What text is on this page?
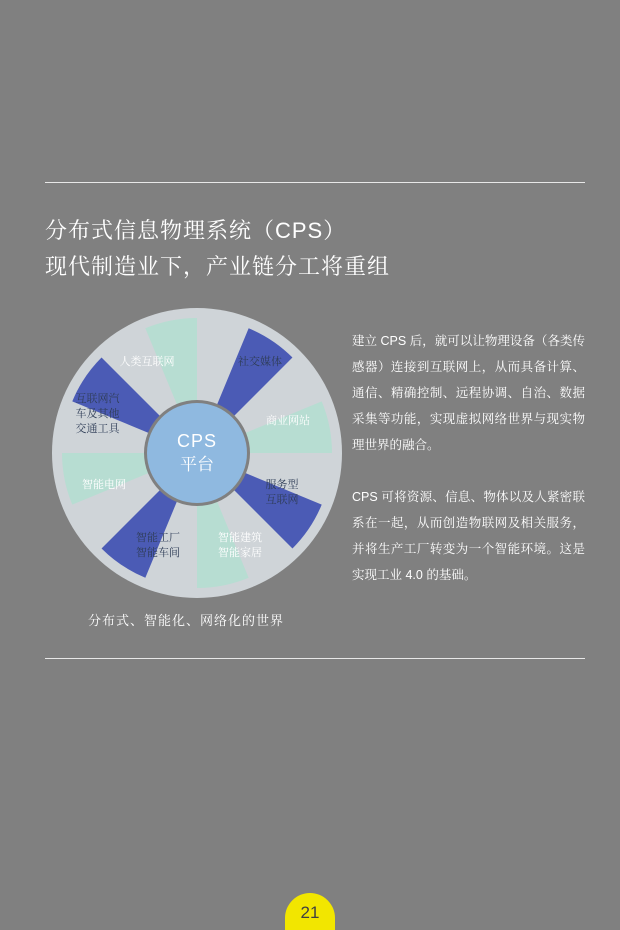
分布式信息物理系统（CPS）
现代制造业下，产业链分工将重组
CPS
平台
社交媒体
商业网站
服务型
互联网
智能建筑
智能家居
智能工厂
智能车间
智能电网
互联网汽
车及其他
交通工具
人类互联网
分布式、智能化、网络化的世界

建立 CPS 后，就可以让物理设备（各类传感器）连接到互联网上，从而具备计算、通信、精确控制、远程协调、自治、数据采集等功能，实现虚拟网络世界与现实物理世界的融合。

CPS 可将资源、信息、物体以及人紧密联系在一起，从而创造物联网及相关服务，并将生产工厂转变为一个智能环境。这是实现工业 4.0 的基础。

21
